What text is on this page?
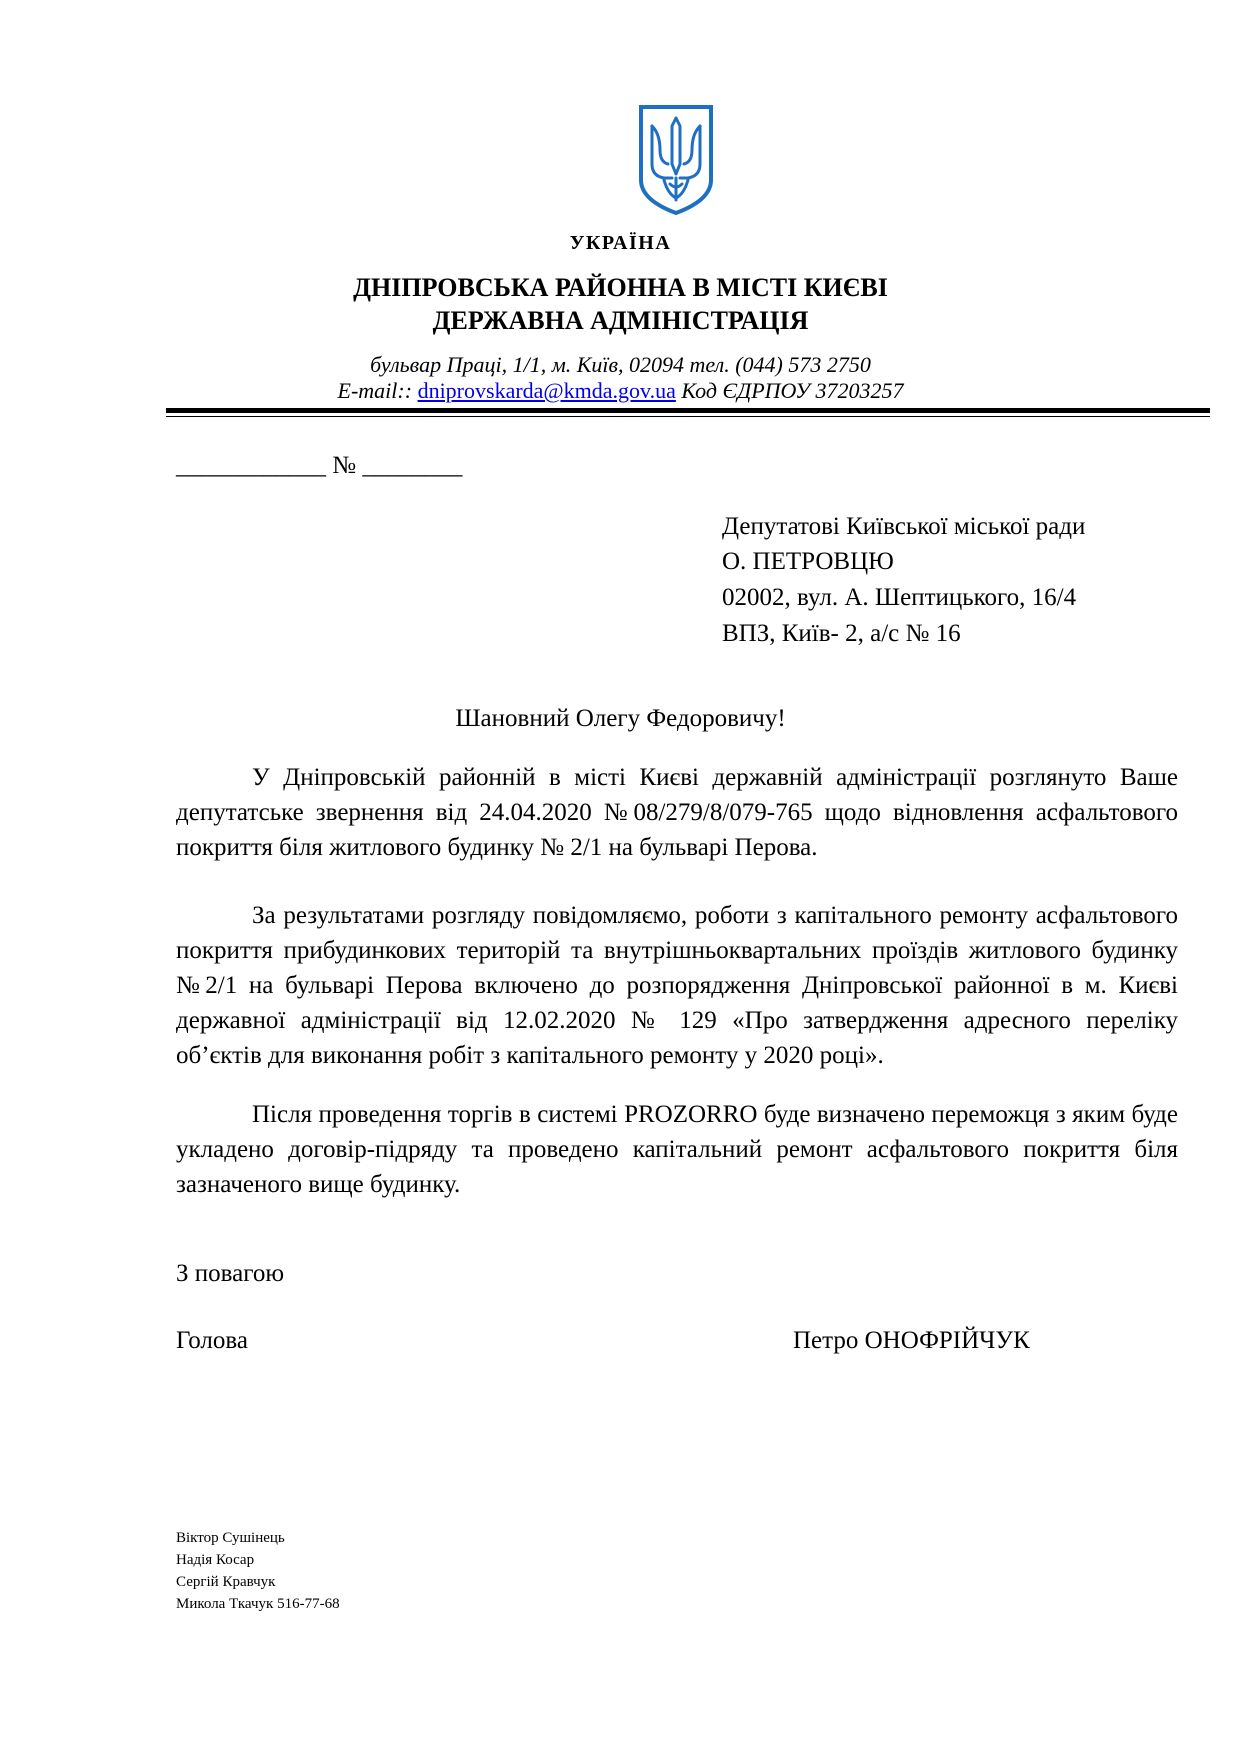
УКРАЇНА
ДНІПРОВСЬКА РАЙОННА В МІСТІ КИЄВІ
ДЕРЖАВНА АДМІНІСТРАЦІЯ
бульвар Праці, 1/1, м. Київ, 02094 тел. (044) 573 2750
E-mail:: dniprovskarda@kmda.gov.ua Код ЄДРПОУ 37203257
____________ № ________
Депутатові Київської міської ради
О. ПЕТРОВЦЮ
02002, вул. А. Шептицького, 16/4
ВПЗ, Київ- 2, а/с № 16
Шановний Олегу Федоровичу!

У Дніпровській районній в місті Києві державній адміністрації розглянуто Ваше депутатське звернення від 24.04.2020 №08/279/8/079-765 щодо відновлення асфальтового покриття біля житлового будинку № 2/1 на бульварі Перова.

За результатами розгляду повідомляємо, роботи з капітального ремонту асфальтового покриття прибудинкових територій та внутрішньоквартальних проїздів житлового будинку №2/1 на бульварі Перова включено до розпорядження Дніпровської районної в м. Києві державної адміністрації від 12.02.2020 № 129 «Про затвердження адресного переліку об’єктів для виконання робіт з капітального ремонту у 2020 році».

Після проведення торгів в системі PROZORRO буде визначено переможця з яким буде укладено договір-підряду та проведено капітальний ремонт асфальтового покриття біля зазначеного вище будинку.

З повагою
Голова	Петро ОНОФРІЙЧУК
Віктор Сушінець
Надія Косар
Сергій Кравчук
Микола Ткачук 516-77-68
